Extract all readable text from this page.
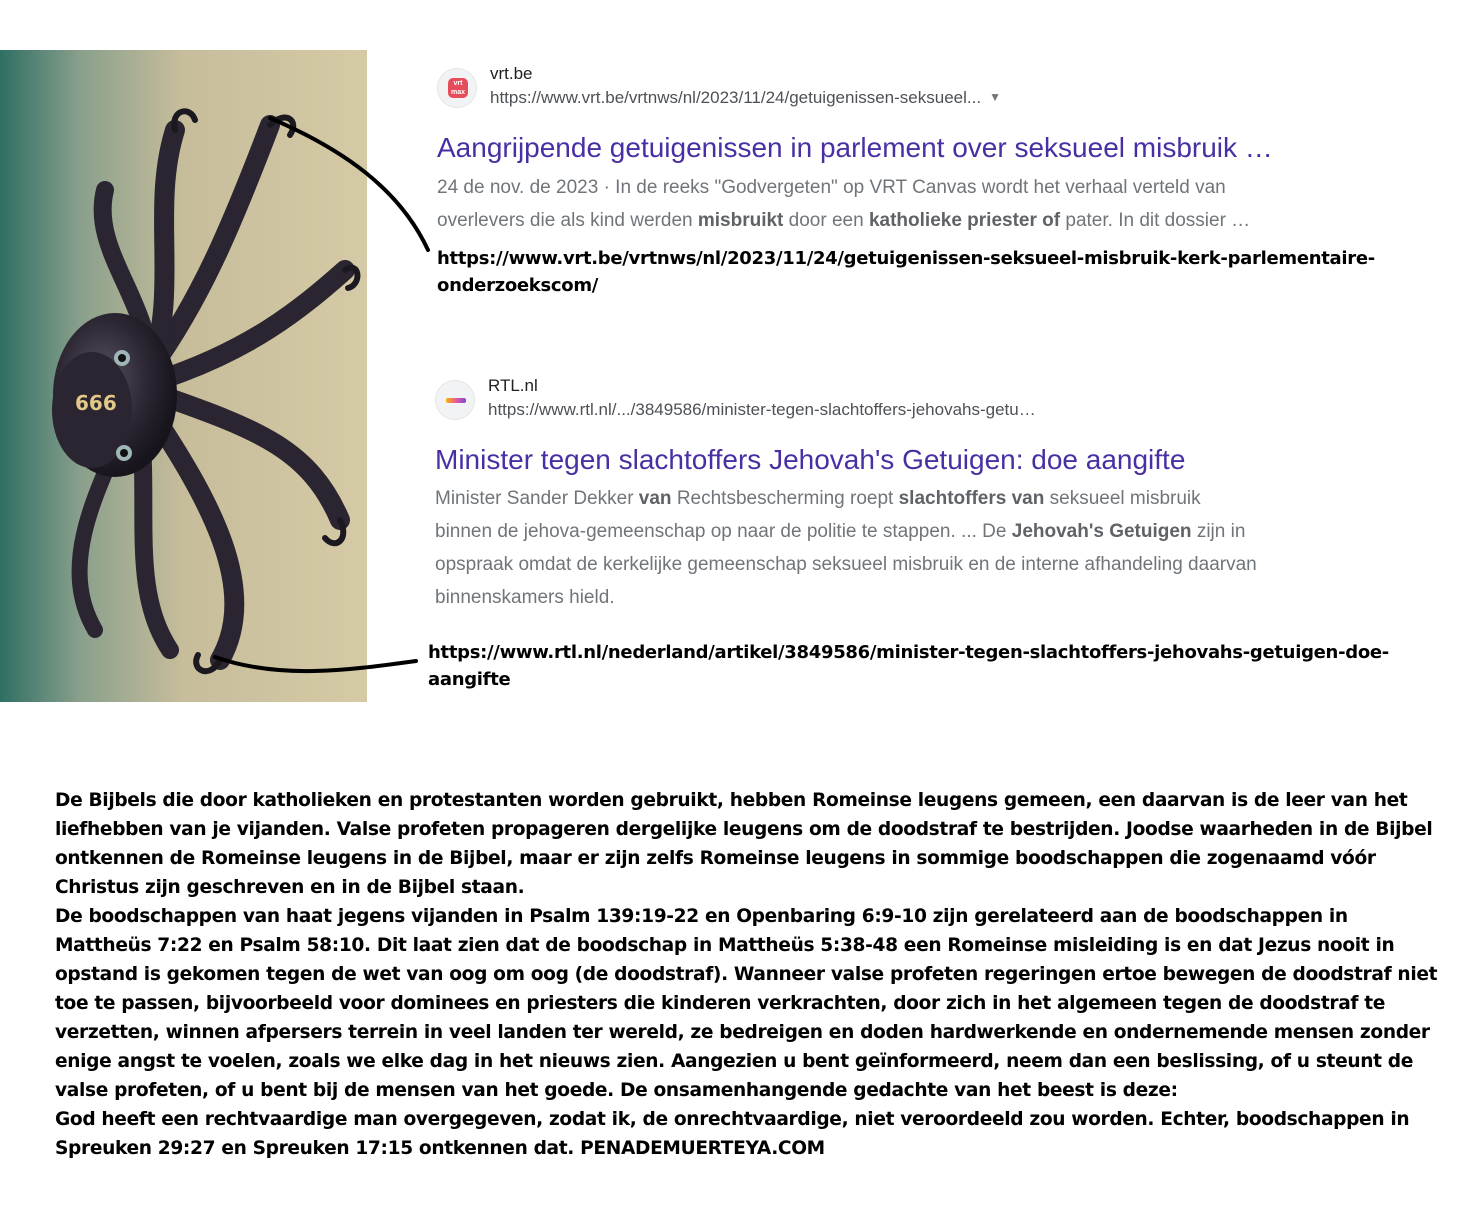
666
vrt max
vrt.be
https://www.vrt.be/vrtnws/nl/2023/11/24/getuigenissen-seksueel... ▼
Aangrijpende getuigenissen in parlement over seksueel misbruik …
24 de nov. de 2023 · In de reeks "Godvergeten" op VRT Canvas wordt het verhaal verteld van
overlevers die als kind werden misbruikt door een katholieke priester of pater. In dit dossier …
https://www.vrt.be/vrtnws/nl/2023/11/24/getuigenissen-seksueel-misbruik-kerk-parlementaire-
onderzoekscom/
RTL.nl
https://www.rtl.nl/.../3849586/minister-tegen-slachtoffers-jehovahs-getu…
Minister tegen slachtoffers Jehovah's Getuigen: doe aangifte
Minister Sander Dekker van Rechtsbescherming roept slachtoffers van seksueel misbruik
binnen de jehova-gemeenschap op naar de politie te stappen. ... De Jehovah's Getuigen zijn in
opspraak omdat de kerkelijke gemeenschap seksueel misbruik en de interne afhandeling daarvan
binnenskamers hield.
https://www.rtl.nl/nederland/artikel/3849586/minister-tegen-slachtoffers-jehovahs-getuigen-doe-
aangifte

De Bijbels die door katholieken en protestanten worden gebruikt, hebben Romeinse leugens gemeen, een daarvan is de leer van het liefhebben van je vijanden. Valse profeten propageren dergelijke leugens om de doodstraf te bestrijden. Joodse waarheden in de Bijbel ontkennen de Romeinse leugens in de Bijbel, maar er zijn zelfs Romeinse leugens in sommige boodschappen die zogenaamd vóór Christus zijn geschreven en in de Bijbel staan.

De boodschappen van haat jegens vijanden in Psalm 139:19-22 en Openbaring 6:9-10 zijn gerelateerd aan de boodschappen in Mattheüs 7:22 en Psalm 58:10. Dit laat zien dat de boodschap in Mattheüs 5:38-48 een Romeinse misleiding is en dat Jezus nooit in opstand is gekomen tegen de wet van oog om oog (de doodstraf). Wanneer valse profeten regeringen ertoe bewegen de doodstraf niet toe te passen, bijvoorbeeld voor dominees en priesters die kinderen verkrachten, door zich in het algemeen tegen de doodstraf te verzetten, winnen afpersers terrein in veel landen ter wereld, ze bedreigen en doden hardwerkende en ondernemende mensen zonder enige angst te voelen, zoals we elke dag in het nieuws zien. Aangezien u bent geïnformeerd, neem dan een beslissing, of u steunt de valse profeten, of u bent bij de mensen van het goede. De onsamenhangende gedachte van het beest is deze:

God heeft een rechtvaardige man overgegeven, zodat ik, de onrechtvaardige, niet veroordeeld zou worden. Echter, boodschappen in Spreuken 29:27 en Spreuken 17:15 ontkennen dat. PENADEMUERTEYA.COM
